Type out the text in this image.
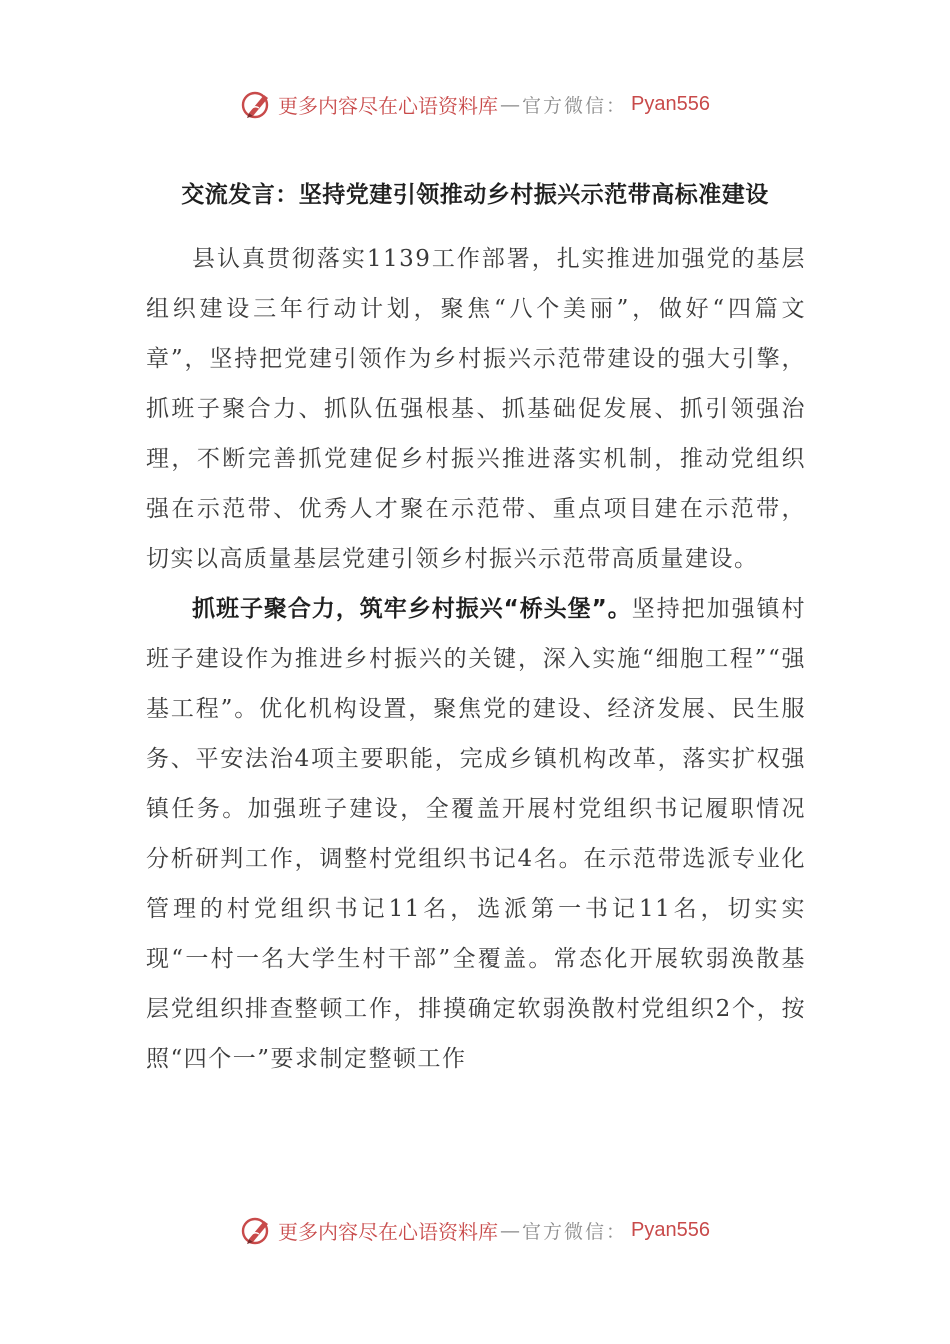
更多内容尽在心语资料库 — 官方微信： Pyan556
交流发言：坚持党建引领推动乡村振兴示范带高标准建设

县认真贯彻落实1139工作部署，扎实推进加强党的基层组织建设三年行动计划，聚焦“八个美丽”，做好“四篇文章”，坚持把党建引领作为乡村振兴示范带建设的强大引擎，抓班子聚合力、抓队伍强根基、抓基础促发展、抓引领强治理，不断完善抓党建促乡村振兴推进落实机制，推动党组织强在示范带、优秀人才聚在示范带、重点项目建在示范带，切实以高质量基层党建引领乡村振兴示范带高质量建设。

抓班子聚合力，筑牢乡村振兴“桥头堡”。坚持把加强镇村班子建设作为推进乡村振兴的关键，深入实施“细胞工程”“强基工程”。优化机构设置，聚焦党的建设、经济发展、民生服务、平安法治4项主要职能，完成乡镇机构改革，落实扩权强镇任务。加强班子建设，全覆盖开展村党组织书记履职情况分析研判工作，调整村党组织书记4名。在示范带选派专业化管理的村党组织书记11名，选派第一书记11名，切实实现“一村一名大学生村干部”全覆盖。常态化开展软弱涣散基层党组织排查整顿工作，排摸确定软弱涣散村党组织2个，按照“四个一”要求制定整顿工作

更多内容尽在心语资料库 — 官方微信： Pyan556
